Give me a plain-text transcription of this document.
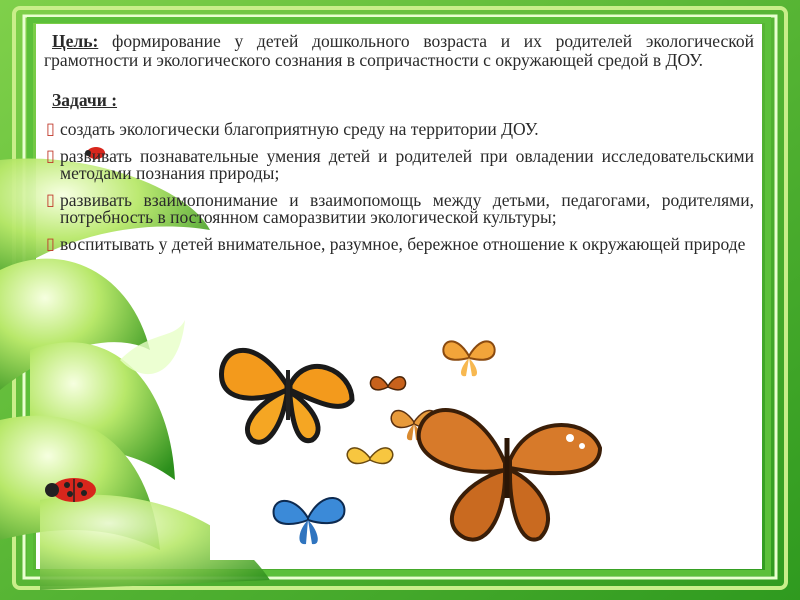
Цель: формирование у детей дошкольного возраста и их родителей экологической грамотности и экологического сознания в сопричастности с окружающей средой в ДОУ.
Задачи :
▯ создать экологически благоприятную среду на территории ДОУ.
▯ развивать познавательные умения детей и родителей при овладении исследовательскими методами познания природы;
▯ развивать взаимопонимание и взаимопомощь между детьми, педагогами, родителями, потребность в постоянном саморазвитии экологической культуры;
▯ воспитывать у детей внимательное, разумное, бережное отношение к окружающей природе
